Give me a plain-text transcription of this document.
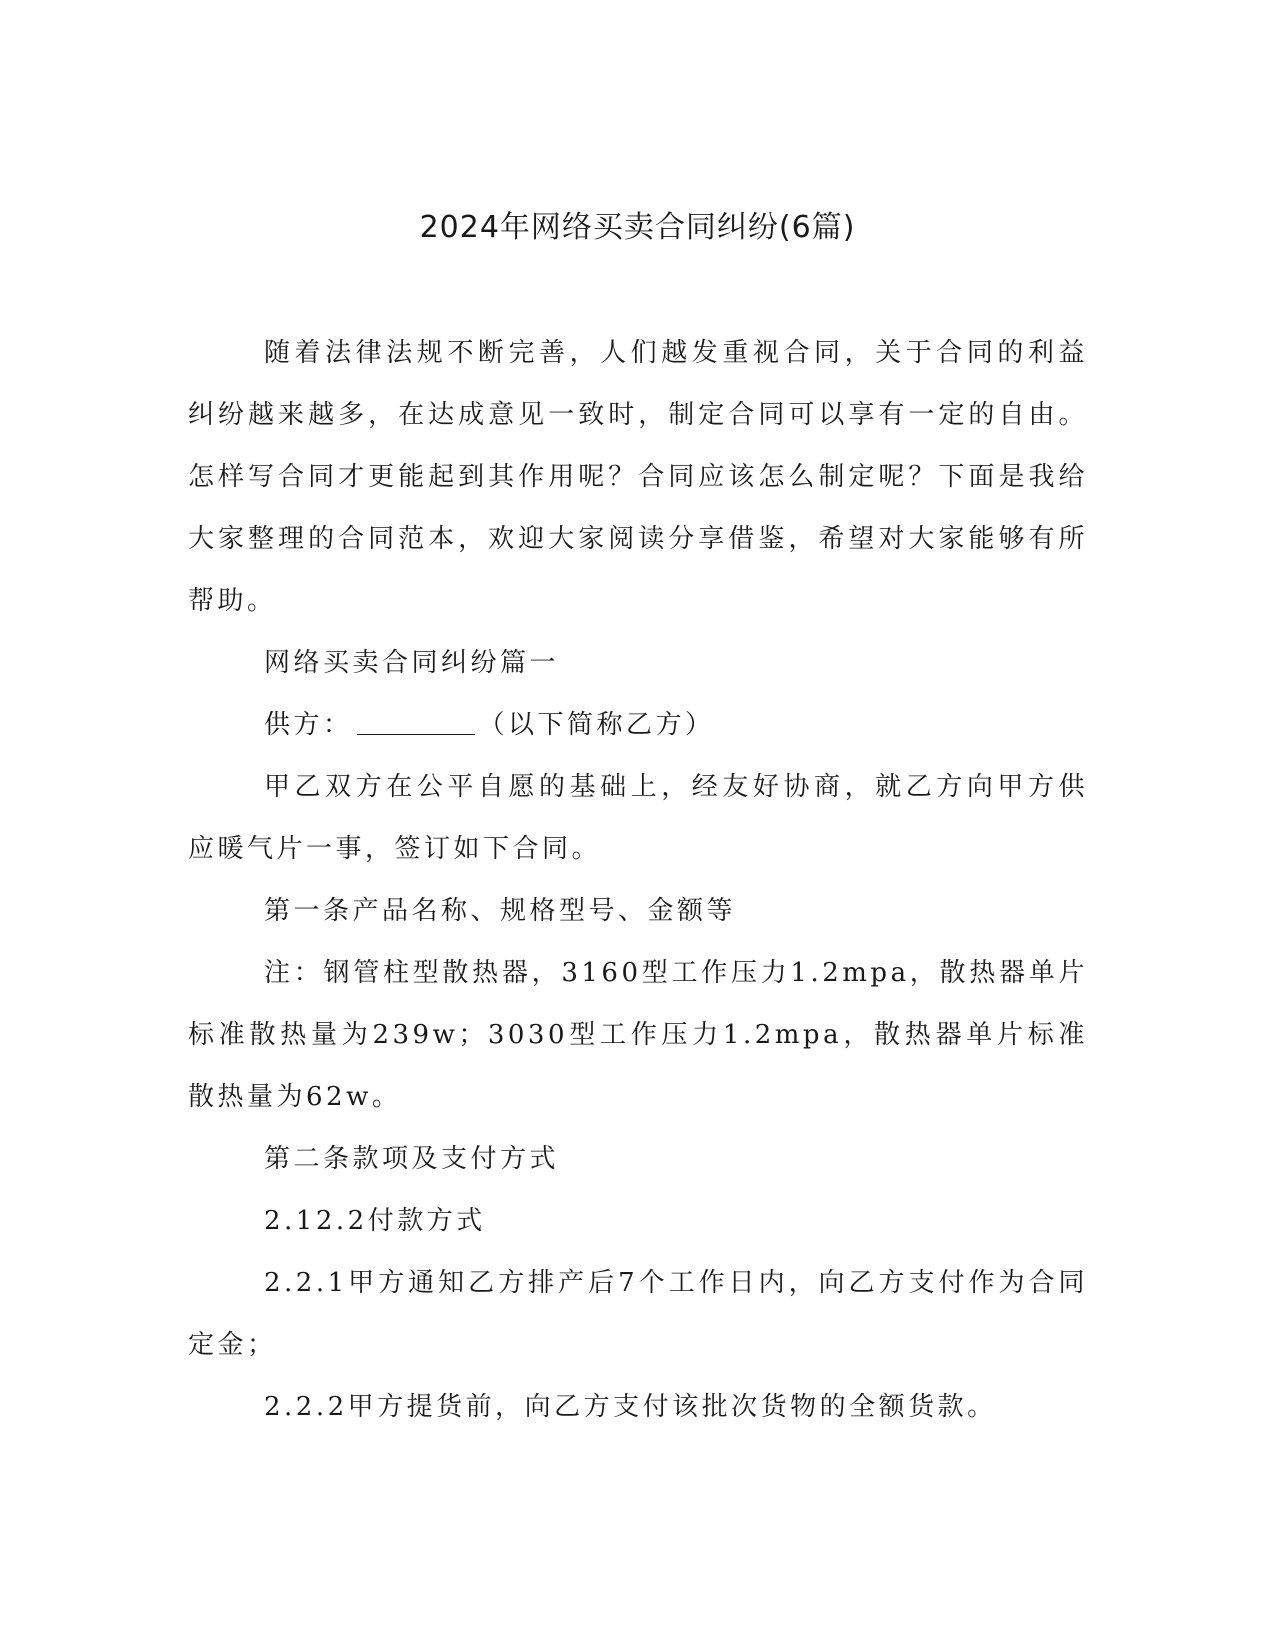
2024年网络买卖合同纠纷(6篇)

随着法律法规不断完善，人们越发重视合同，关于合同的利益纠纷越来越多，在达成意见一致时，制定合同可以享有一定的自由。怎样写合同才更能起到其作用呢？合同应该怎么制定呢？下面是我给大家整理的合同范本，欢迎大家阅读分享借鉴，希望对大家能够有所帮助。

网络买卖合同纠纷篇一

供方：	（以下简称乙方）

甲乙双方在公平自愿的基础上，经友好协商，就乙方向甲方供应暖气片一事，签订如下合同。

第一条产品名称、规格型号、金额等

注：钢管柱型散热器，3160型工作压力1.2mpa，散热器单片标准散热量为239w；3030型工作压力1.2mpa，散热器单片标准散热量为62w。

第二条款项及支付方式

2.12.2付款方式

2.2.1甲方通知乙方排产后7个工作日内，向乙方支付作为合同定金；

2.2.2甲方提货前，向乙方支付该批次货物的全额货款。
